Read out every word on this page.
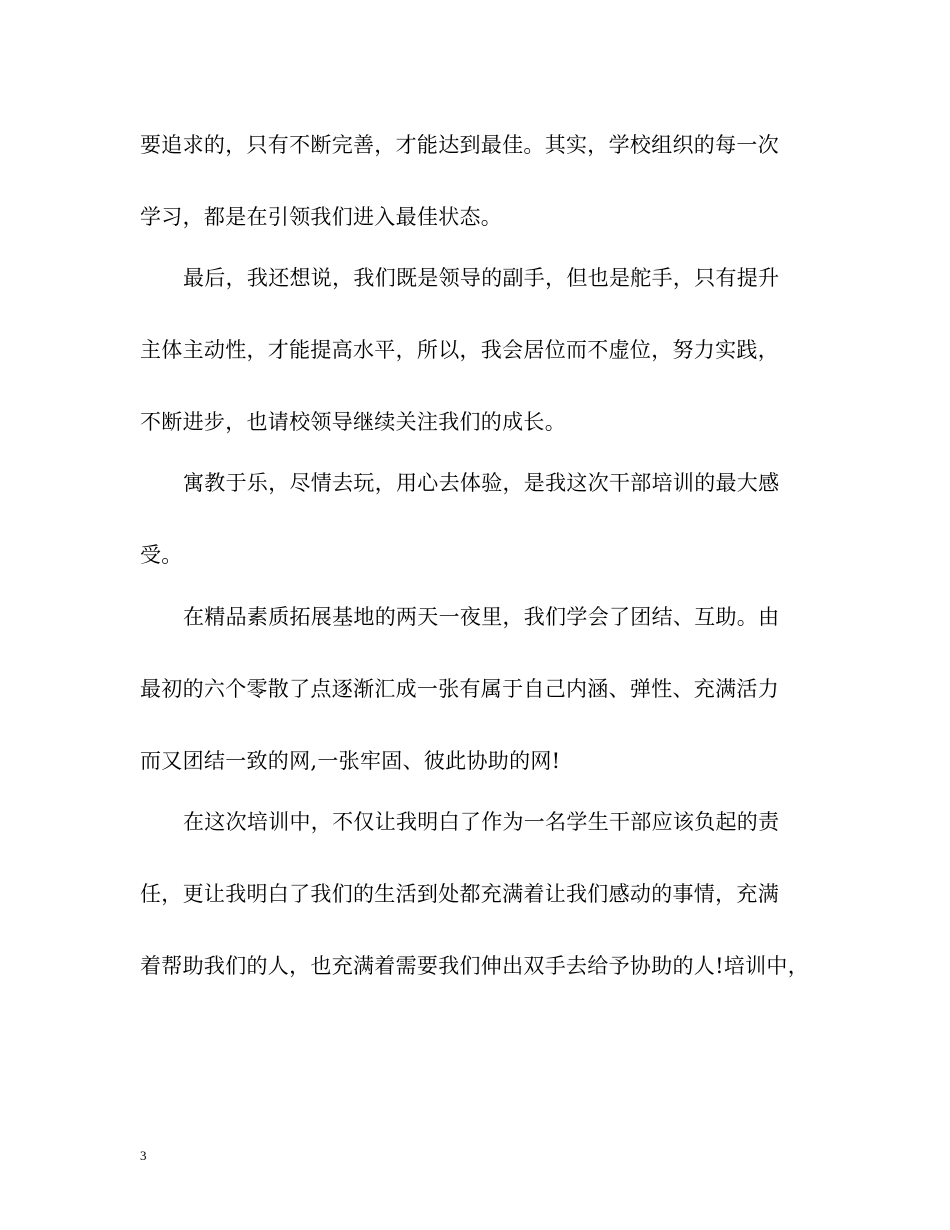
要追求的，只有不断完善，才能达到最佳。其实，学校组织的每一次
学习，都是在引领我们进入最佳状态。
最后，我还想说，我们既是领导的副手，但也是舵手，只有提升
主体主动性，才能提高水平，所以，我会居位而不虚位，努力实践，
不断进步，也请校领导继续关注我们的成长。
寓教于乐，尽情去玩，用心去体验，是我这次干部培训的最大感
受。
在精品素质拓展基地的两天一夜里，我们学会了团结、互助。由
最初的六个零散了点逐渐汇成一张有属于自己内涵、弹性、充满活力
而又团结一致的网,一张牢固、彼此协助的网!
在这次培训中，不仅让我明白了作为一名学生干部应该负起的责
任，更让我明白了我们的生活到处都充满着让我们感动的事情，充满
着帮助我们的人，也充满着需要我们伸出双手去给予协助的人!培训中，
3
